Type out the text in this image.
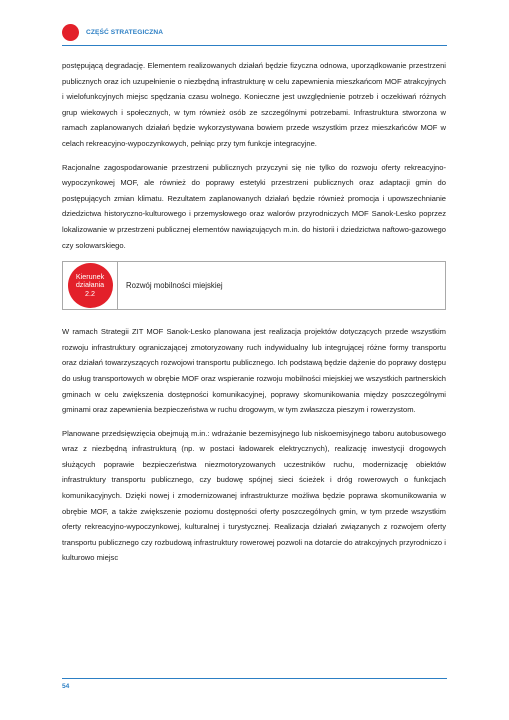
CZĘŚĆ STRATEGICZNA

postępującą degradację. Elementem realizowanych działań będzie fizyczna odnowa, uporządkowanie przestrzeni publicznych oraz ich uzupełnienie o niezbędną infrastrukturę w celu zapewnienia mieszkańcom MOF atrakcyjnych i wielofunkcyjnych miejsc spędzania czasu wolnego. Konieczne jest uwzględnienie potrzeb i oczekiwań różnych grup wiekowych i społecznych, w tym również osób ze szczególnymi potrzebami. Infrastruktura stworzona w ramach zaplanowanych działań będzie wykorzystywana bowiem przede wszystkim przez mieszkańców MOF w celach rekreacyjno-wypoczynkowych, pełniąc przy tym funkcje integracyjne.

Racjonalne zagospodarowanie przestrzeni publicznych przyczyni się nie tylko do rozwoju oferty rekreacyjno-wypoczynkowej MOF, ale również do poprawy estetyki przestrzeni publicznych oraz adaptacji gmin do postępujących zmian klimatu. Rezultatem zaplanowanych działań będzie również promocja i upowszechnianie dziedzictwa historyczno-kulturowego i przemysłowego oraz walorów przyrodniczych MOF Sanok-Lesko poprzez lokalizowanie w przestrzeni publicznej elementów nawiązujących m.in. do historii i dziedzictwa naftowo-gazowego czy solowarskiego.

Kierunek
działania
2.2
Rozwój mobilności miejskiej

W ramach Strategii ZIT MOF Sanok-Lesko planowana jest realizacja projektów dotyczących przede wszystkim rozwoju infrastruktury ograniczającej zmotoryzowany ruch indywidualny lub integrującej różne formy transportu oraz działań towarzyszących rozwojowi transportu publicznego. Ich podstawą będzie dążenie do poprawy dostępu do usług transportowych w obrębie MOF oraz wspieranie rozwoju mobilności miejskiej we wszystkich partnerskich gminach w celu zwiększenia dostępności komunikacyjnej, poprawy skomunikowania między poszczególnymi gminami oraz zapewnienia bezpieczeństwa w ruchu drogowym, w tym zwłaszcza pieszym i rowerzystom.

Planowane przedsięwzięcia obejmują m.in.: wdrażanie bezemisyjnego lub niskoemisyjnego taboru autobusowego wraz z niezbędną infrastrukturą (np. w postaci ładowarek elektrycznych), realizację inwestycji drogowych służących poprawie bezpieczeństwa niezmotoryzowanych uczestników ruchu, modernizację obiektów infrastruktury transportu publicznego, czy budowę spójnej sieci ścieżek i dróg rowerowych o funkcjach komunikacyjnych. Dzięki nowej i zmodernizowanej infrastrukturze możliwa będzie poprawa skomunikowania w obrębie MOF, a także zwiększenie poziomu dostępności oferty poszczególnych gmin, w tym przede wszystkim oferty rekreacyjno-wypoczynkowej, kulturalnej i turystycznej. Realizacja działań związanych z rozwojem oferty transportu publicznego czy rozbudową infrastruktury rowerowej pozwoli na dotarcie do atrakcyjnych przyrodniczo i kulturowo miejsc

54
